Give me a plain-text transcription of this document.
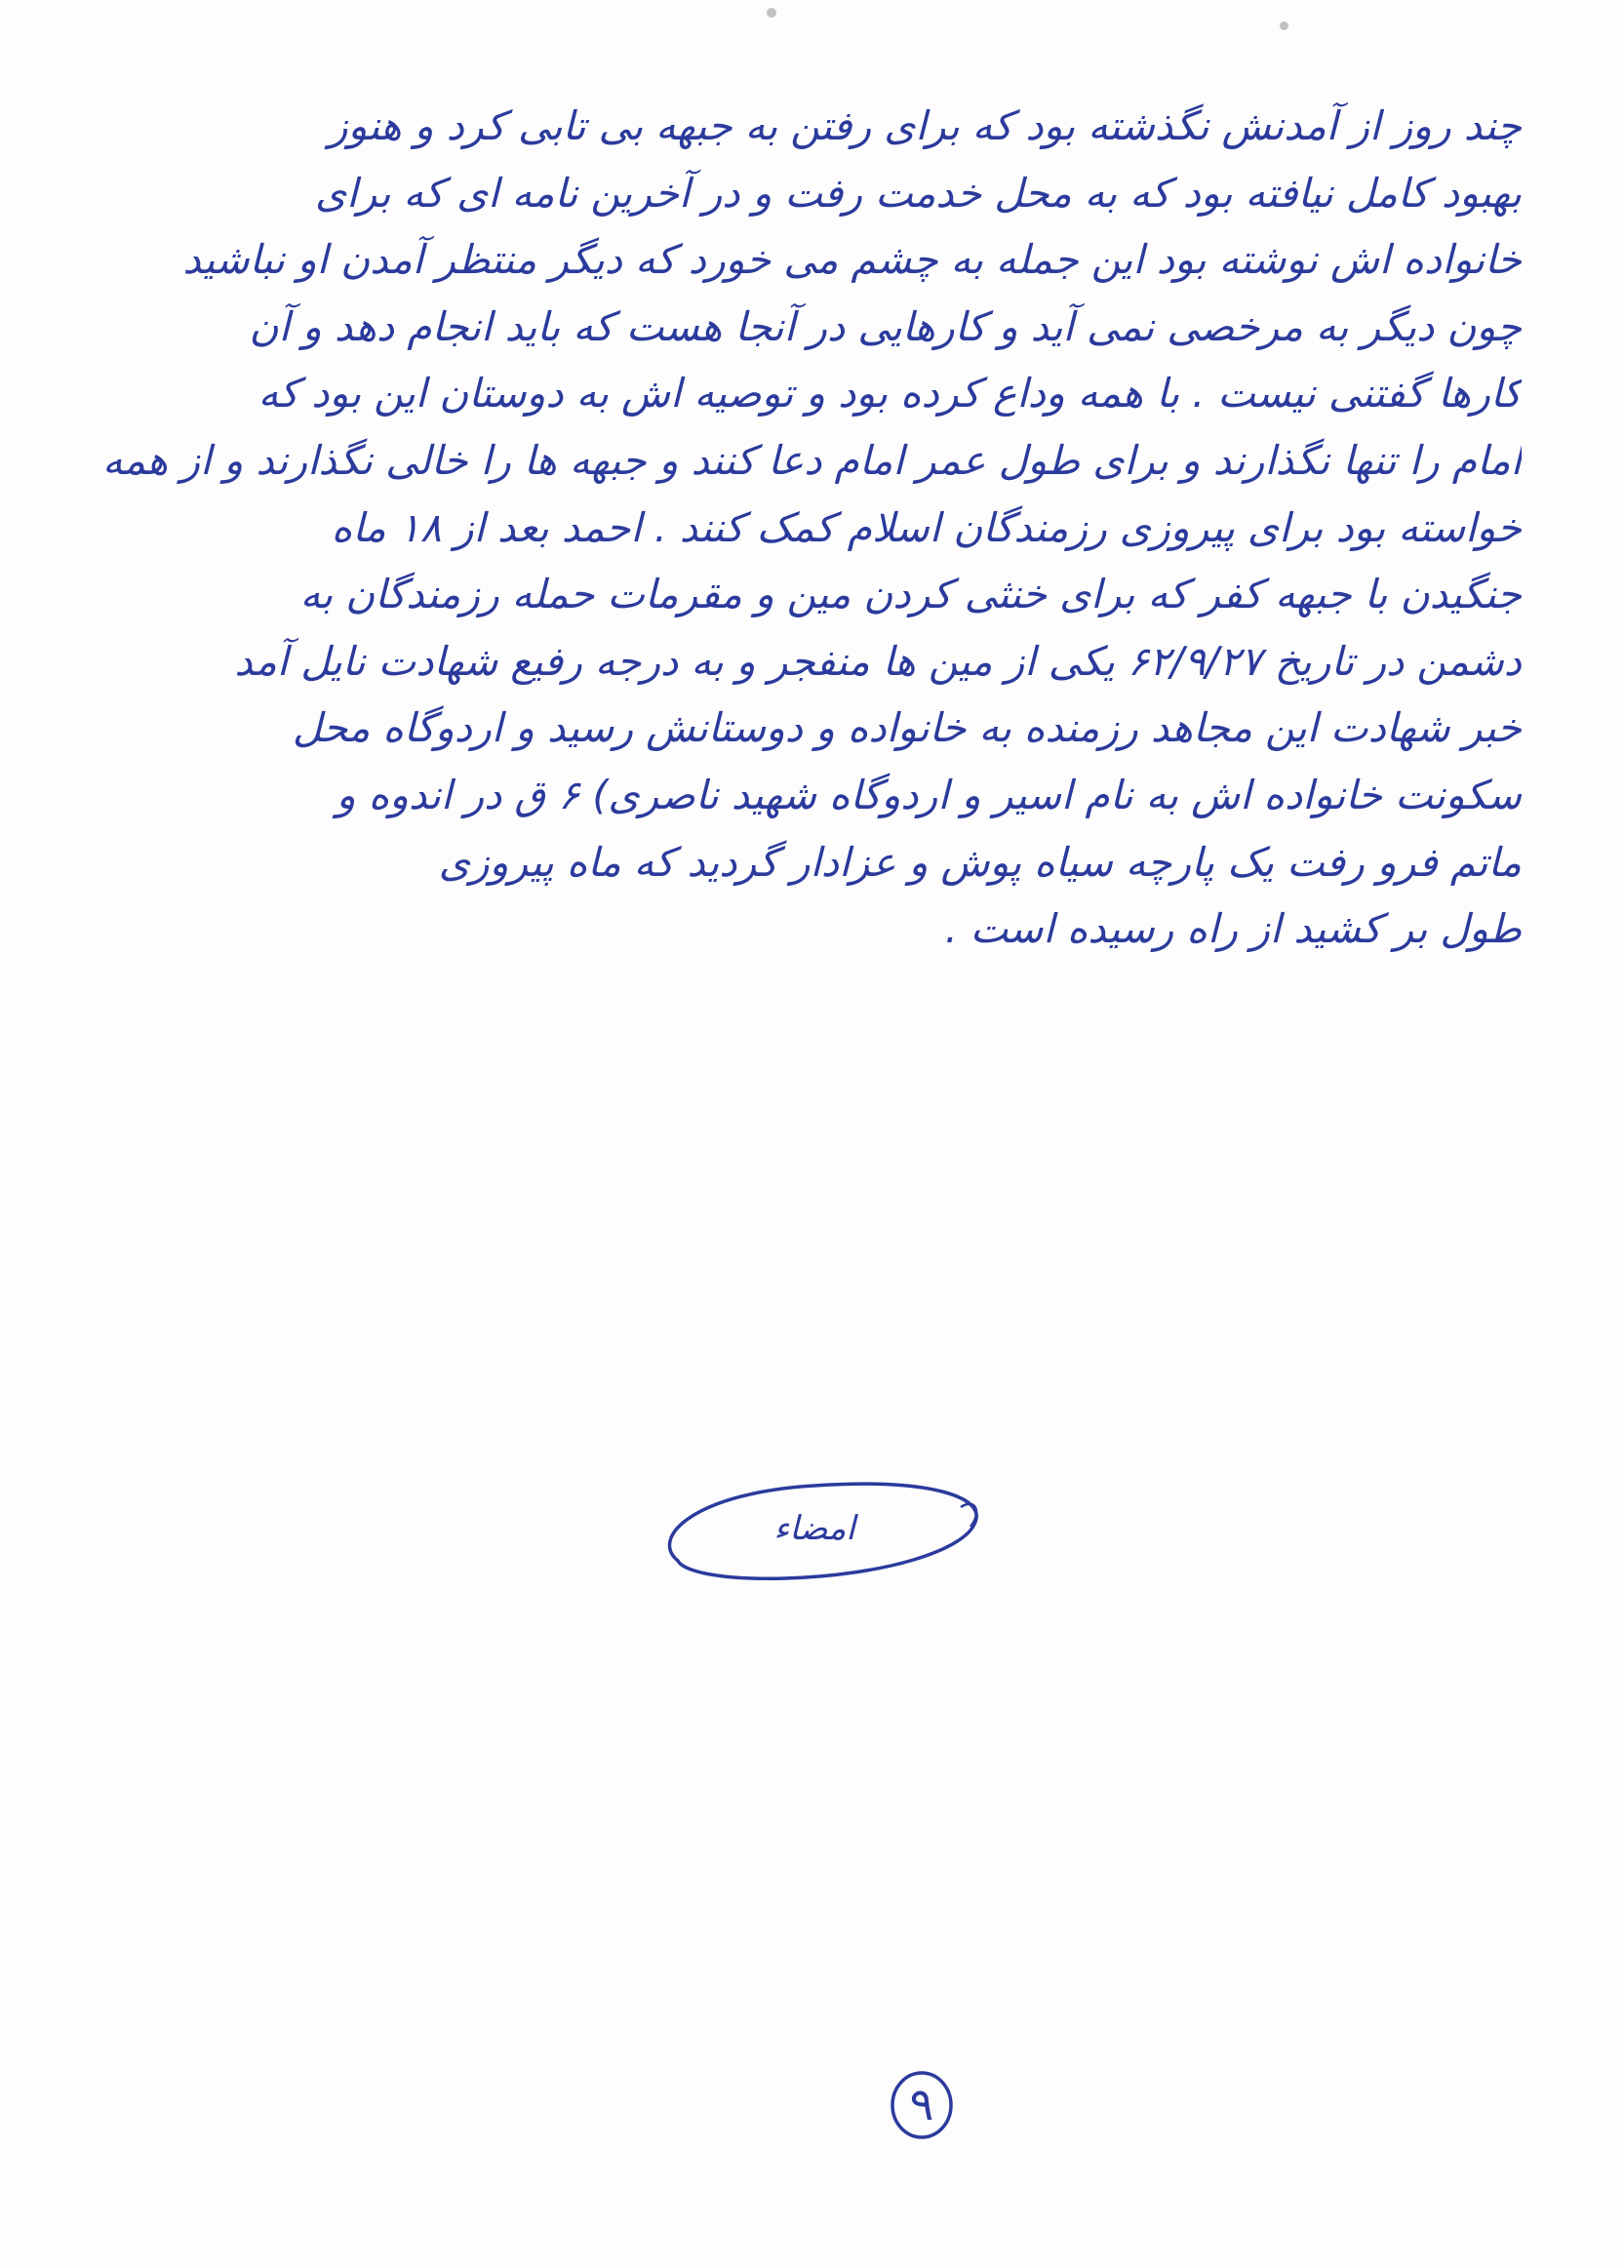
چند روز از آمدنش نگذشته بود که برای رفتن به جبهه بی تابی کرد و هنوز
بهبود کامل نیافته بود که به محل خدمت رفت و در آخرین نامه ای که برای
خانواده اش نوشته بود این جمله به چشم می خورد که دیگر منتظر آمدن او نباشید
چون دیگر به مرخصی نمی آید و کارهایی در آنجا هست که باید انجام دهد و آن
کارها گفتنی نیست . با همه وداع کرده بود و توصیه اش به دوستان این بود که
امام را تنها نگذارند و برای طول عمر امام دعا کنند و جبهه ها را خالی نگذارند و از همه
خواسته بود برای پیروزی رزمندگان اسلام کمک کنند . احمد بعد از ۱۸ ماه
جنگیدن با جبهه کفر که برای خنثی کردن مین و مقرمات حمله رزمندگان به
دشمن در تاریخ ۶۲/۹/۲۷ یکی از مین ها منفجر و به درجه رفیع شهادت نایل آمد
خبر شهادت این مجاهد رزمنده به خانواده و دوستانش رسید و اردوگاه محل
سکونت خانواده اش به نام اسیر و اردوگاه شهید ناصری) ۶ ق در اندوه و
ماتم فرو رفت یک پارچه سیاه پوش و عزادار گردید که ماه پیروزی
طول بر کشید از راه رسیده است .
امضاء
۹
